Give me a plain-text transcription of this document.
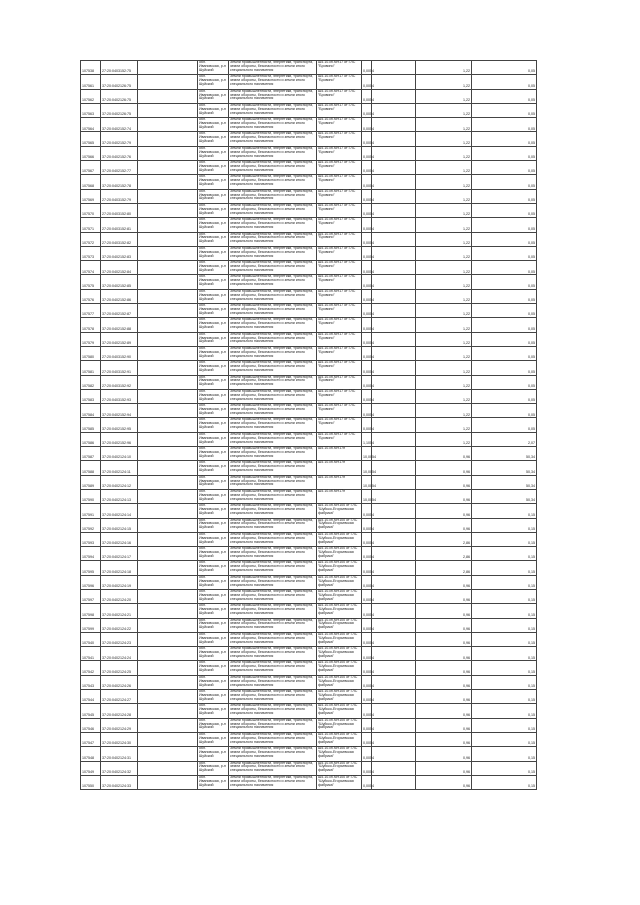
107538	27:20:0403152:75		обл. Ивановская, р-н Шуйский	Земли промышленности, энергетики, транспорта, земли обороны, безопасности и земли иного специального назначения	Ш5.10.cfl.NH17 от ГЛС "Бровино"	0,0054		1,22	0,05
107561	37:20:0402126:75		обл. Ивановская, р-н Шуйский	Земли промышленности, энергетики, транспорта, земли обороны, безопасности и земли иного специального назначения	Ш5.10.cfl.NH17 от ГЛС "Бровино"	0,0054		1,22	0,05
107562	37:20:0402126:75		обл. Ивановская, р-н Шуйский	Земли промышленности, энергетики, транспорта, земли обороны, безопасности и земли иного специального назначения	Ш5.10.cfl.NH17 от ГЛС "Бровино"	0,0054		1,22	0,05
107563	37:20:0402126:75		обл. Ивановская, р-н Шуйский	Земли промышленности, энергетики, транспорта, земли обороны, безопасности и земли иного специального назначения	Ш5.10.cfl.NH17 от ГЛС "Бровино"	0,0054		1,22	0,05
107564	37:20:0402152:74		обл. Ивановская, р-н Шуйский	Земли промышленности, энергетики, транспорта, земли обороны, безопасности и земли иного специального назначения	Ш5.10.cfl.NH17 от ГЛС "Бровино"	0,0054		1,22	0,05
107565	37:20:0402152:79		обл. Ивановская, р-н Шуйский	Земли промышленности, энергетики, транспорта, земли обороны, безопасности и земли иного специального назначения	Ш5.10.cfl.NH17 от ГЛС "Бровино"	0,0054		1,22	0,05
107566	37:20:0402152:76		обл. Ивановская, р-н Шуйский	Земли промышленности, энергетики, транспорта, земли обороны, безопасности и земли иного специального назначения	Ш5.10.cfl.NH17 от ГЛС "Бровино"	0,0054		1,22	0,05
107567	37:20:0402152:77		обл. Ивановская, р-н Шуйский	Земли промышленности, энергетики, транспорта, земли обороны, безопасности и земли иного специального назначения	Ш5.10.cfl.NH17 от ГЛС "Бровино"	0,0054		1,22	0,05
107568	37:20:0402152:78		обл. Ивановская, р-н Шуйский	Земли промышленности, энергетики, транспорта, земли обороны, безопасности и земли иного специального назначения	Ш5.10.cfl.NH17 от ГЛС "Бровино"	0,0054		1,22	0,05
107569	27:20:0403152:79		обл. Ивановская, р-н Шуйский	Земли промышленности, энергетики, транспорта, земли обороны, безопасности и земли иного специального назначения	Ш5.10.cfl.NH17 от ГЛС "Бровино"	0,0054		1,22	0,05
107570	27:20:0403152:80		обл. Ивановская, р-н Шуйский	Земли промышленности, энергетики, транспорта, земли обороны, безопасности и земли иного специального назначения	Ш5.10.cfl.NH17 от ГЛС "Бровино"	0,0054		1,22	0,05
107571	27:20:0403152:81		обл. Ивановская, р-н Шуйский	Земли промышленности, энергетики, транспорта, земли обороны, безопасности и земли иного специального назначения	Ш5.10.cfl.NH17 от ГЛС "Бровино"	0,0054		1,22	0,05
107572	27:20:0403152:82		обл. Ивановская, р-н Шуйский	Земли промышленности, энергетики, транспорта, земли обороны, безопасности и земли иного специального назначения	Ш5.10.cfl.NH17 от ГЛС "Бровино"	0,0054		1,22	0,05
107573	37:20:0402152:83		обл. Ивановская, р-н Шуйский	Земли промышленности, энергетики, транспорта, земли обороны, безопасности и земли иного специального назначения	Ш5.10.cfl.NH17 от ГЛС "Бровино"	0,0054		1,22	0,05
107574	37:20:0402152:84		обл. Ивановская, р-н Шуйский	Земли промышленности, энергетики, транспорта, земли обороны, безопасности и земли иного специального назначения	Ш5.10.cfl.NH17 от ГЛС "Бровино"	0,0054		1,22	0,05
107575	37:20:0402152:85		обл. Ивановская, р-н Шуйский	Земли промышленности, энергетики, транспорта, земли обороны, безопасности и земли иного специального назначения	Ш5.10.cfl.NH17 от ГЛС "Бровино"	0,0054		1,22	0,05
107576	37:20:0402152:86		обл. Ивановская, р-н Шуйский	Земли промышленности, энергетики, транспорта, земли обороны, безопасности и земли иного специального назначения	Ш5.10.cfl.NH17 от ГЛС "Бровино"	0,0054		1,22	0,05
107577	37:20:0402152:87		обл. Ивановская, р-н Шуйский	Земли промышленности, энергетики, транспорта, земли обороны, безопасности и земли иного специального назначения	Ш5.10.cfl.NH17 от ГЛС "Бровино"	0,0054		1,22	0,05
107578	37:20:0402152:88		обл. Ивановская, р-н Шуйский	Земли промышленности, энергетики, транспорта, земли обороны, безопасности и земли иного специального назначения	Ш5.10.cfl.NH17 от ГЛС "Бровино"	0,0054		1,22	0,05
107579	37:20:0402152:89		обл. Ивановская, р-н Шуйский	Земли промышленности, энергетики, транспорта, земли обороны, безопасности и земли иного специального назначения	Ш5.10.cfl.NH17 от ГЛС "Бровино"	0,0054		1,22	0,05
107580	27:20:0403152:90		обл. Ивановская, р-н Шуйский	Земли промышленности, энергетики, транспорта, земли обороны, безопасности и земли иного специального назначения	Ш5.10.cfl.NH17 от ГЛС "Бровино"	0,0054		1,22	0,05
107581	27:20:0403152:91		обл. Ивановская, р-н Шуйский	Земли промышленности, энергетики, транспорта, земли обороны, безопасности и земли иного специального назначения	Ш5.10.cfl.NH17 от ГЛС "Бровино"	0,0054		1,22	0,05
107582	27:20:0403152:92		обл. Ивановская, р-н Шуйский	Земли промышленности, энергетики, транспорта, земли обороны, безопасности и земли иного специального назначения	Ш5.10.cfl.NH17 от ГЛС "Бровино"	0,0054		1,22	0,05
107583	27:20:0403152:93		обл. Ивановская, р-н Шуйский	Земли промышленности, энергетики, транспорта, земли обороны, безопасности и земли иного специального назначения	Ш5.10.cfl.NH17 от ГЛС "Бровино"	0,0054		1,22	0,05
107584	37:20:0402152:94		обл. Ивановская, р-н Шуйский	Земли промышленности, энергетики, транспорта, земли обороны, безопасности и земли иного специального назначения	Ш5.10.cfl.NH17 от ГЛС "Бровино"	0,0054		1,22	0,05
107585	37:20:0402152:95		обл. Ивановская, р-н Шуйский	Земли промышленности, энергетики, транспорта, земли обороны, безопасности и земли иного специального назначения	Ш5.10.cfl.NH17 от ГЛС "Бровино"	0,0054		1,22	0,05
107586	37:20:0402152:96		обл. Ивановская, р-н Шуйский	Земли промышленности, энергетики, транспорта, земли обороны, безопасности и земли иного специального назначения	Ш5.10.cfl.NH17 от ГЛС "Бровино"	1,1054		1,22	2,07
107587	37:20:0402124:10		обл. Ивановская, р-н Шуйский	Земли промышленности, энергетики, транспорта, земли обороны, безопасности и земли иного специального назначения	Ш5.10.cfl.NH17н	10,0054		0,96	50,34
107588	37:20:0402124:11		обл. Ивановская, р-н Шуйский	Земли промышленности, энергетики, транспорта, земли обороны, безопасности и земли иного специального назначения	Ш5.10.cfl.NH17н	10,0054		0,96	50,34
107589	37:20:0402124:12		обл. Ивановская, р-н Шуйский	Земли промышленности, энергетики, транспорта, земли обороны, безопасности и земли иного специального назначения	Ш5.10.cfl.NH17н	10,0054		0,96	50,34
107590	37:20:0402124:13		обл. Ивановская, р-н Шуйский	Земли промышленности, энергетики, транспорта, земли обороны, безопасности и земли иного специального назначения	Ш5.10.cfl.NH17н	10,0054		0,96	50,34
107591	37:20:0402124:14		обл. Ивановская, р-н Шуйский	Земли промышленности, энергетики, транспорта, земли обороны, безопасности и земли иного специального назначения	Ш5.10.cfl.NH100 от ГЛС "Шуйско-Егорьевская фабрика"	0,0054		0,96	0,15
107592	37:20:0402124:15		обл. Ивановская, р-н Шуйский	Земли промышленности, энергетики, транспорта, земли обороны, безопасности и земли иного специального назначения	Ш5.10.cfl.NH100 от ГЛС "Шуйско-Егорьевская фабрика"	0,0054		0,96	0,15
107593	37:20:0402124:16		обл. Ивановская, р-н Шуйский	Земли промышленности, энергетики, транспорта, земли обороны, безопасности и земли иного специального назначения	Ш5.10.cfl.NH100 от ГЛС "Шуйско-Егорьевская фабрика"	0,0054		2,86	0,15
107594	37:20:0402124:17		обл. Ивановская, р-н Шуйский	Земли промышленности, энергетики, транспорта, земли обороны, безопасности и земли иного специального назначения	Ш5.10.cfl.NH100 от ГЛС "Шуйско-Егорьевская фабрика"	0,0054		2,86	0,15
107595	37:20:0402124:18		обл. Ивановская, р-н Шуйский	Земли промышленности, энергетики, транспорта, земли обороны, безопасности и земли иного специального назначения	Ш5.10.cfl.NH100 от ГЛС "Шуйско-Егорьевская фабрика"	0,0054		2,86	0,15
107596	37:20:0402124:19		обл. Ивановская, р-н Шуйский	Земли промышленности, энергетики, транспорта, земли обороны, безопасности и земли иного специального назначения	Ш5.10.cfl.NH100 от ГЛС "Шуйско-Егорьевская фабрика"	0,0054		0,96	0,15
107597	37:20:0402124:20		обл. Ивановская, р-н Шуйский	Земли промышленности, энергетики, транспорта, земли обороны, безопасности и земли иного специального назначения	Ш5.10.cfl.NH100 от ГЛС "Шуйско-Егорьевская фабрика"	0,0054		0,96	0,15
107598	37:20:0402124:21		обл. Ивановская, р-н Шуйский	Земли промышленности, энергетики, транспорта, земли обороны, безопасности и земли иного специального назначения	Ш5.10.cfl.NH100 от ГЛС "Шуйско-Егорьевская фабрика"	0,0054		0,96	0,15
107599	37:20:0402124:22		обл. Ивановская, р-н Шуйский	Земли промышленности, энергетики, транспорта, земли обороны, безопасности и земли иного специального назначения	Ш5.10.cfl.NH100 от ГЛС "Шуйско-Егорьевская фабрика"	0,0054		0,96	0,15
107540	37:20:0402124:23		обл. Ивановская, р-н Шуйский	Земли промышленности, энергетики, транспорта, земли обороны, безопасности и земли иного специального назначения	Ш5.10.cfl.NH100 от ГЛС "Шуйско-Егорьевская фабрика"	0,0054		0,96	0,15
107541	37:20:0402124:24		обл. Ивановская, р-н Шуйский	Земли промышленности, энергетики, транспорта, земли обороны, безопасности и земли иного специального назначения	Ш5.10.cfl.NH100 от ГЛС "Шуйско-Егорьевская фабрика"	0,0054		0,96	0,15
107542	37:20:0402124:25		обл. Ивановская, р-н Шуйский	Земли промышленности, энергетики, транспорта, земли обороны, безопасности и земли иного специального назначения	Ш5.10.cfl.NH100 от ГЛС "Шуйско-Егорьевская фабрика"	0,0054		0,96	0,15
107543	37:20:0402124:26		обл. Ивановская, р-н Шуйский	Земли промышленности, энергетики, транспорта, земли обороны, безопасности и земли иного специального назначения	Ш5.10.cfl.NH100 от ГЛС "Шуйско-Егорьевская фабрика"	0,0054		0,96	0,15
107544	37:20:0402124:27		обл. Ивановская, р-н Шуйский	Земли промышленности, энергетики, транспорта, земли обороны, безопасности и земли иного специального назначения	Ш5.10.cfl.NH100 от ГЛС "Шуйско-Егорьевская фабрика"	0,0054		0,96	0,15
107545	37:20:0402124:28		обл. Ивановская, р-н Шуйский	Земли промышленности, энергетики, транспорта, земли обороны, безопасности и земли иного специального назначения	Ш5.10.cfl.NH100 от ГЛС "Шуйско-Егорьевская фабрика"	0,0054		0,96	0,15
107546	37:20:0402124:29		обл. Ивановская, р-н Шуйский	Земли промышленности, энергетики, транспорта, земли обороны, безопасности и земли иного специального назначения	Ш5.10.cfl.NH100 от ГЛС "Шуйско-Егорьевская фабрика"	0,0054		0,96	0,15
107547	37:20:0402124:30		обл. Ивановская, р-н Шуйский	Земли промышленности, энергетики, транспорта, земли обороны, безопасности и земли иного специального назначения	Ш5.10.cfl.NH100 от ГЛС "Шуйско-Егорьевская фабрика"	0,0054		0,96	0,15
107548	37:20:0402124:31		обл. Ивановская, р-н Шуйский	Земли промышленности, энергетики, транспорта, земли обороны, безопасности и земли иного специального назначения	Ш5.10.cfl.NH100 от ГЛС "Шуйско-Егорьевская фабрика"	0,0054		0,96	0,15
107549	37:20:0402124:32		обл. Ивановская, р-н Шуйский	Земли промышленности, энергетики, транспорта, земли обороны, безопасности и земли иного специального назначения	Ш5.10.cfl.NH100 от ГЛС "Шуйско-Егорьевская фабрика"	0,0054		0,96	0,15
107550	37:20:0402124:33		обл. Ивановская, р-н Шуйский	Земли промышленности, энергетики, транспорта, земли обороны, безопасности и земли иного специального назначения	Ш5.10.cfl.NH100 от ГЛС "Шуйско-Егорьевская фабрика"	0,0054		0,96	0,15
